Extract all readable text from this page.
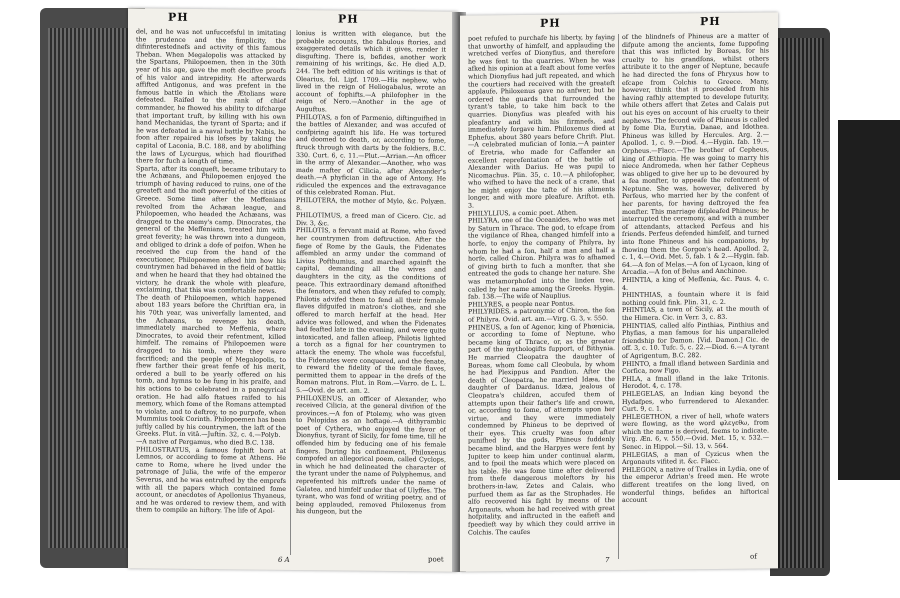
PH	PH

del, and he was not unfuccefsful in imitating the prudence and the fimplicity, the difinterestednefs and activity of this famous Theban. When Megalopolis was attacked by the Spartans, Philopoemen, then in the 30th year of his age, gave the moft decifive proofs of his valor and intrepidity. He afterwards affifted Antigonus, and was prefent in the famous battle in which the Ætolians were defeated. Raifed to the rank of chief commander, he fhowed his ability to difcharge that important truft, by killing with his own hand Mechanidas, the tyrant of Sparta; and if he was defeated in a naval battle by Nabis, he foon after repaired his lofses by taking the capital of Laconia, B.C. 188, and by abolifhing the laws of Lycurgus, which had flourifhed there for fuch a length of time.

Sparta, after its conqueft, became tributary to the Achæans, and Philopoemen enjoyed the triumph of having reduced to ruins, one of the greateft and the moft powerful of the cities of Greece. Some time after the Meffenians revolted from the Achæan league, and Philopoemen, who headed the Achæans, was dragged to the enemy's camp. Dinocrates, the general of the Meffenians, treated him with great feverity; he was thrown into a dungeon, and obliged to drink a dofe of poifon. When he received the cup from the hand of the executioner, Philopoemen afked him how his countrymen had behaved in the field of battle; and when he heard that they had obtained the victory, he drank the whole with pleafure, exclaiming, that this was comfortable news.

The death of Philopoemen, which happened about 183 years before the Chriftian era, in his 70th year, was univerfally lamented, and the Achæans, to revenge his death, immediately marched to Meffenia, where Dinocrates, to avoid their refentment, killed himfelf. The remains of Philopoemen were dragged to his tomb, where they were facrificed; and the people of Megalopolis, to fhew farther their great fenfe of his merit, ordered a bull to be yearly offered on his tomb, and hymns to be fung in his praife, and his actions to be celebrated in a panegyrical oration. He had alfo ftatues raifed to his memory, which fome of the Romans attempted to violate, and to deftroy, to no purpofe, when Mummius took Corinth. Philopoemen has been juftly called by his countrymen, the laft of the Greeks. Plut. in vitâ.—Juftin. 32, c. 4.—Polyb.

—A native of Pergamus, who died B.C. 138.

PHILOSTRATUS, a famous fophift born at Lemnos, or according to fome at Athens. He came to Rome, where he lived under the patronage of Julia, the wife of the emperor Severus, and he was entrufted by the emprefs with all the papers which contained fome account, or anecdotes of Apollonius Thyaneus, and he was ordered to review them, and with them to compile an hiftory. The life of Apol-

lonius is written with elegance, but the probable accounts, the fabulous ftories, and exaggerated details which it gives, render it disgufting. There is, befides, another work remaining of his writings, &c. He died A.D. 244. The beft edition of his writings is that of Olearius, fol. Lipf. 1709.—His nephew, who lived in the reign of Heliogabalus, wrote an account of fophifts.—A philofopher in the reign of Nero.—Another in the age of Auguftus.

PHILOTAS, a fon of Parmenio, diftinguifhed in the battles of Alexander, and was accufed of confpiring againft his life. He was tortured and doomed to death, or, according to fome, ftruck through with darts by the foldiers, B.C. 330. Curt. 6, c. 11.—Plut.—Arrian.—An officer in the army of Alexander.—Another, who was made mafter of Cilicia, after Alexander's death.—A phyfician in the age of Antony. He ridiculed the expences and the extravagance of this celebrated Roman. Plut.

PHILOTERA, the mother of Mylo, &c. Polyæn. 8.

PHILOTIMUS, a freed man of Cicero. Cic. ad Div. 3, &c.

PHILOTIS, a fervant maid at Rome, who faved her countrymen from deftruction. After the fiege of Rome by the Gauls, the Fidenates affembled an army under the command of Livius Pofthumius, and marched againft the capital, demanding all the wives and daughters in the city, as the conditions of peace. This extraordinary demand aftonifhed the fenators, and when they refufed to comply, Philotis advifed them to fend all their female flaves difguifed in matron's clothes, and she offered to march herfelf at the head. Her advice was followed, and when the Fidenates had feafted late in the evening, and were quite intoxicated, and fallen afleep, Philotis lighted a torch as a fignal for her countrymen to attack the enemy. The whole was fuccefsful, the Fidenates were conquered, and the fenate, to reward the fidelity of the female flaves, permitted them to appear in the drefs of the Roman matrons. Plut. in Rom.—Varro. de L. L. 5.—Ovid. de art. am. 2.

PHILOXENUS, an officer of Alexander, who received Cilicia, at the general divifion of the provinces.—A fon of Ptolemy, who was given to Pelopidas as an hoftage.—A dithyrambic poet of Cythera, who enjoyed the favor of Dionyfius, tyrant of Sicily, for fome time, till he offended him by feducing one of his female fingers. During his confinement, Philoxenus compofed an allegorical poem, called Cyclops, in which he had delineated the character of the tyrant under the name of Polyphemus, and reprefented his miftrefs under the name of Galatea, and himfelf under that of Ulyffes. The tyrant, who was fond of writing poetry, and of being applauded, removed Philoxenus from his dungeon, but the

6 A	poet
PH	PH

poet refufed to purchafe his liberty, by faying that unworthy of himfelf, and applauding the wretched verfes of Dionyfius, and therefore he was fent to the quarries. When he was afked his opinion at a feaft about fome verfes which Dionyfius had juft repeated, and which the courtiers had received with the greateft applaufe, Philoxenus gave no anfwer, but he ordered the guards that furrounded the tyrant's table, to take him back to the quarries. Dionyfius was pleafed with his pleafantry and with his firmnefs, and immediately forgave him. Philoxenus died at Ephefus, about 380 years before Chrift. Plut.—A celebrated mufician of Ionia.—A painter of Eretria, who made for Caffander an excellent reprefentation of the battle of Alexander with Darius. He was pupil to Nicomachus. Plin. 35, c. 10.—A philofopher, who wifhed to have the neck of a crane, that he might enjoy the tafte of his aliments longer, and with more pleafure. Ariftot. eth. 3.

PHILYLLIUS, a comic poet. Athen.

PHILYRA, one of the Oceanides, who was met by Saturn in Thrace. The god, to efcape from the vigilance of Rhea, changed himfelf into a horfe, to enjoy the company of Philyra, by whom he had a fon, half a man and half a horfe, called Chiron. Philyra was fo afhamed of giving birth to fuch a monfter, that she entreated the gods to change her nature. She was metamorphofed into the linden tree, called by her name among the Greeks. Hygin. fab. 138.—The wife of Nauplius.

PHILYRES, a people near Pontus.

PHILYRIDES, a patronymic of Chiron, the fon of Philyra. Ovid. art. am.—Virg. G. 3, v. 550.

PHINEUS, a fon of Agenor, king of Phœnicia, or according to fome of Neptune, who became king of Thrace, or, as the greater part of the mythologifts fupport, of Bithynia. He married Cleopatra the daughter of Boreas, whom fome call Cleobula, by whom he had Plexippus and Pandion. After the death of Cleopatra, he married Idæa, the daughter of Dardanus. Idæa, jealous of Cleopatra's children, accufed them of attempts upon their father's life and crown, or, according to fome, of attempts upon her virtue, and they were immediately condemned by Phineus to be deprived of their eyes. This cruelty was foon after punifhed by the gods, Phineus fuddenly became blind, and the Harpyes were fent by Jupiter to keep him under continual alarm, and to fpoil the meats which were placed on his table. He was fome time after delivered from thefe dangerous moleftors by his brothers-in-law, Zetes and Calais, who purfued them as far as the Strophades. He alfo recovered his fight by means of the Argonauts, whom he had received with great hofpitality, and inftructed in the eafieft and fpeedieft way by which they could arrive in Colchis. The caufes

of the blindnefs of Phineus are a matter of difpute among the ancients, fome fuppofing that this was inflicted by Boreas, for his cruelty to his grandfons, whilst others attribute it to the anger of Neptune, becaufe he had directed the fons of Phryxus how to efcape from Colchis to Greece. Many, however, think that it proceeded from his having rafhly attempted to develope futurity, while others affert that Zetes and Calais put out his eyes on account of his cruelty to their nephews. The fecond wife of Phineus is called by fome Dia, Eurytia, Danae, and Idothea. Phineus was killed by Hercules. Arg. 2.—Apollod. 1, c. 9.—Diod. 4.—Hygin. fab. 19.—Orpheus.—Flacc.—The brother of Cepheus, king of Æthiopia. He was going to marry his niece Andromeda, when her father Cepheus was obliged to give her up to be devoured by a fea monfter, to appeafe the refentment of Neptune. She was, however, delivered by Perfeus, who married her by the confent of her parents, for having deftroyed the fea monfter. This marriage difpleafed Phineus; he interrupted the ceremony, and with a number of attendants, attacked Perfeus and his friends. Perfeus defended himfelf, and turned into ftone Phineus and his companions, by fhowing them the Gorgon's head. Apollod. 2, c. 1, 4.—Ovid. Met. 5, fab. 1 & 2.—Hygin. fab. 64.—A fon of Melas.—A fon of Lycaon, king of Arcadia.—A fon of Belus and Anchinoe.

PHINTIA, a king of Meffenia, &c. Paus. 4, c. 4.

PHINTHIAS, a fountain where it is faid nothing could fink. Plin. 31, c. 2.

PHINTIAS, a town of Sicily, at the mouth of the Himera. Cic. in Verr. 3, c. 83.

PHINTIAS, called alfo Pinthias, Pinthius and Phyfias, a man famous for his unparalleled friendship for Damon. [Vid. Damon.] Cic. de off. 3, c. 10. Tufc. 5, c. 22.—Diod. 6.—A tyrant of Agrigentum, B.C. 282.

PHINTO, a fmall ifland between Sardinia and Corfica, now Figo.

PHLA, a fmall ifland in the lake Tritonis. Herodot. 4, c. 178.

PHLEGELAS, an Indian king beyond the Hydafpes, who furrendered to Alexander. Curt. 9, c. 1.

PHLEGETHON, a river of hell, whofe waters were flowing, as the word φλεγεθω, from which the name is derived, feems to indicate. Virg. Æn. 6, v. 550.—Ovid. Met. 15, v. 532.—Senec. in Hippol.—Sil. 13, v. 564.

PHLEGIAS, a man of Cyzicus when the Argonauts vifited it. &c. Flacc.

PHLEGON, a native of Tralles in Lydia, one of the emperor Adrian's freed men. He wrote different treatifes on the long lived, on wonderful things, befides an hiftorical account

7	of
